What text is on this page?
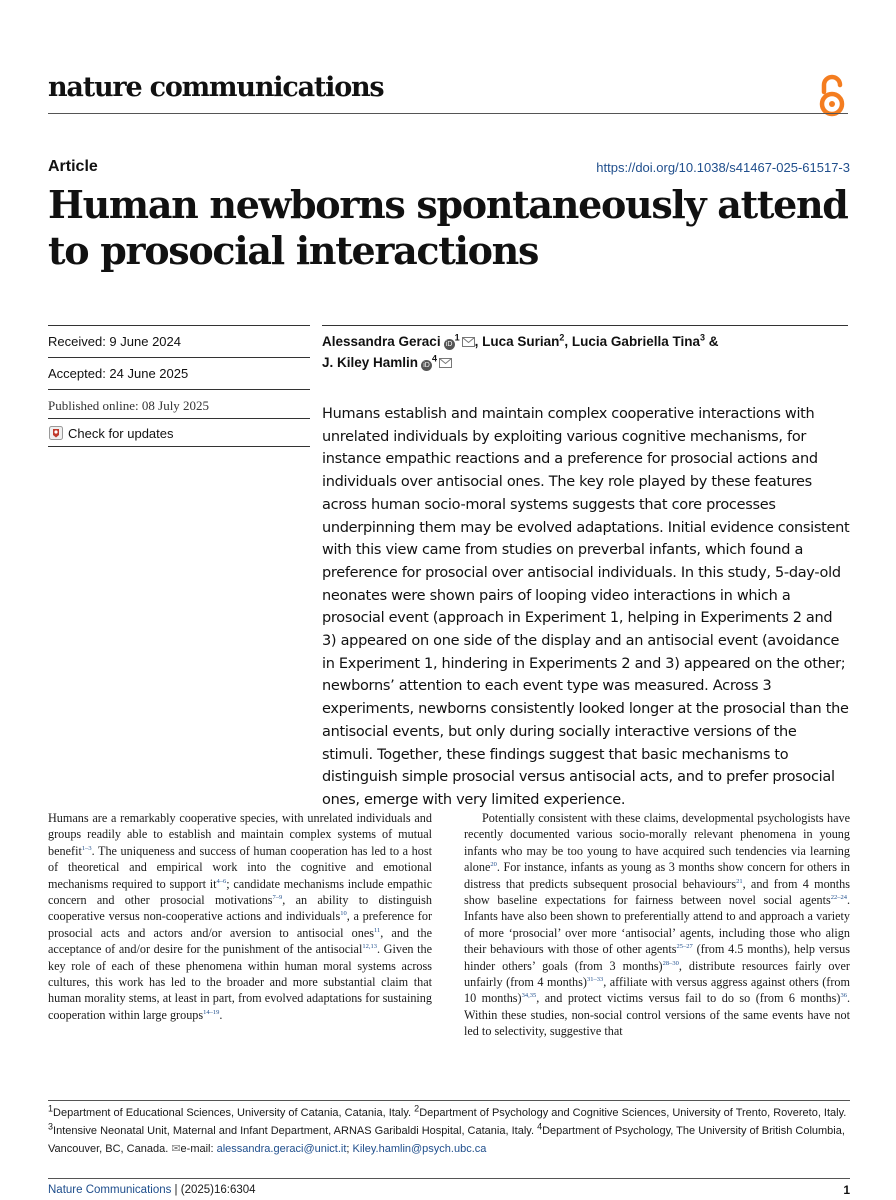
nature communications
Article	https://doi.org/10.1038/s41467-025-61517-3
Human newborns spontaneously attend to prosocial interactions
Received: 9 June 2024
Accepted: 24 June 2025
Published online: 08 July 2025
Check for updates
Alessandra Geraci $iD^1$ , Luca Surian$^2$, Lucia Gabriella Tina$^3$ &
J. Kiley Hamlin $iD^4$

Humans establish and maintain complex cooperative interactions with unrelated individuals by exploiting various cognitive mechanisms, for instance empathic reactions and a preference for prosocial actions and individuals over antisocial ones. The key role played by these features across human socio-moral systems suggests that core processes underpinning them may be evolved adaptations. Initial evidence consistent with this view came from studies on preverbal infants, which found a preference for prosocial over antisocial individuals. In this study, 5-day-old neonates were shown pairs of looping video interactions in which a prosocial event (approach in Experiment 1, helping in Experiments 2 and 3) appeared on one side of the display and an antisocial event (avoidance in Experiment 1, hindering in Experiments 2 and 3) appeared on the other; newborns’ attention to each event type was measured. Across 3 experiments, newborns consistently looked longer at the prosocial than the antisocial events, but only during socially interactive versions of the stimuli. Together, these findings suggest that basic mechanisms to distinguish simple prosocial versus antisocial acts, and to prefer prosocial ones, emerge with very limited experience.

Humans are a remarkably cooperative species, with unrelated individuals and groups readily able to establish and maintain complex systems of mutual benefit$^{1-3}$. The uniqueness and success of human cooperation has led to a host of theoretical and empirical work into the cognitive and emotional mechanisms required to support it$^{4-6}$; candidate mechanisms include empathic concern and other prosocial motivations$^{7-9}$, an ability to distinguish cooperative versus non-cooperative actions and individuals$^{10}$, a preference for prosocial acts and actors and/or aversion to antisocial ones$^{11}$, and the acceptance of and/or desire for the punishment of the antisocial$^{12,13}$. Given the key role of each of these phenomena within human moral systems across cultures, this work has led to the broader and more substantial claim that human morality stems, at least in part, from evolved adaptations for sustaining cooperation within large groups$^{14-19}$.

Potentially consistent with these claims, developmental psychologists have recently documented various socio-morally relevant phenomena in young infants who may be too young to have acquired such tendencies via learning alone$^{20}$. For instance, infants as young as 3 months show concern for others in distress that predicts subsequent prosocial behaviours$^{21}$, and from 4 months show baseline expectations for fairness between novel social agents$^{22-24}$. Infants have also been shown to preferentially attend to and approach a variety of more ‘prosocial’ over more ‘antisocial’ agents, including those who align their behaviours with those of other agents$^{25-27}$ (from 4.5 months), help versus hinder others’ goals (from 3 months)$^{28-30}$, distribute resources fairly over unfairly (from 4 months)$^{31-33}$, affiliate with versus aggress against others (from 10 months)$^{34,35}$, and protect victims versus fail to do so (from 6 months)$^{36}$. Within these studies, non-social control versions of the same events have not led to selectivity, suggestive that

$^1$Department of Educational Sciences, University of Catania, Catania, Italy. $^2$Department of Psychology and Cognitive Sciences, University of Trento, Rovereto, Italy. $^3$Intensive Neonatal Unit, Maternal and Infant Department, ARNAS Garibaldi Hospital, Catania, Italy. $^4$Department of Psychology, The University of British Columbia, Vancouver, BC, Canada. ✉e-mail: alessandra.geraci@unict.it; Kiley.hamlin@psych.ubc.ca

Nature Communications | (2025)16:6304	1
